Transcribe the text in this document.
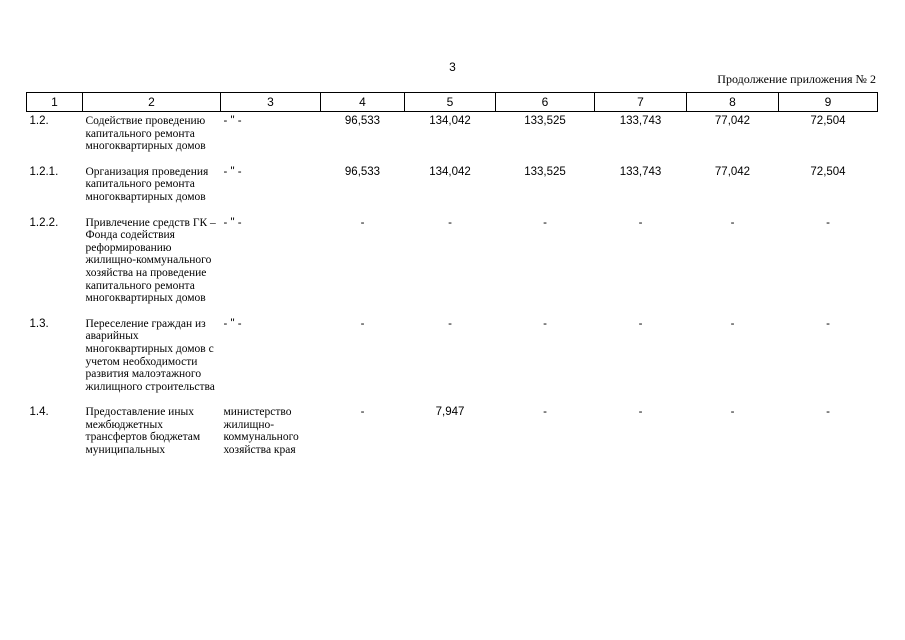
3
Продолжение приложения № 2
1	2	3	4	5	6	7	8	9
1.2.	Содействие проведению капитального ремонта многоквартирных домов	- " -	96,533	134,042	133,525	133,743	77,042	72,504
1.2.1.	Организация проведения капитального ремонта многоквартирных домов	- " -	96,533	134,042	133,525	133,743	77,042	72,504
1.2.2.	Привлечение средств ГК – Фонда содействия реформированию жилищно-коммунального хозяйства на проведение капитального ремонта многоквартирных домов	- " -	-	-	-	-	-	-
1.3.	Переселение граждан из аварийных многоквартирных домов с учетом необходимости развития малоэтажного жилищного строительства	- " -	-	-	-	-	-	-
1.4.	Предоставление иных межбюджетных трансфертов бюджетам муниципальных	министерство жилищно-коммунального хозяйства края	-	7,947	-	-	-	-
